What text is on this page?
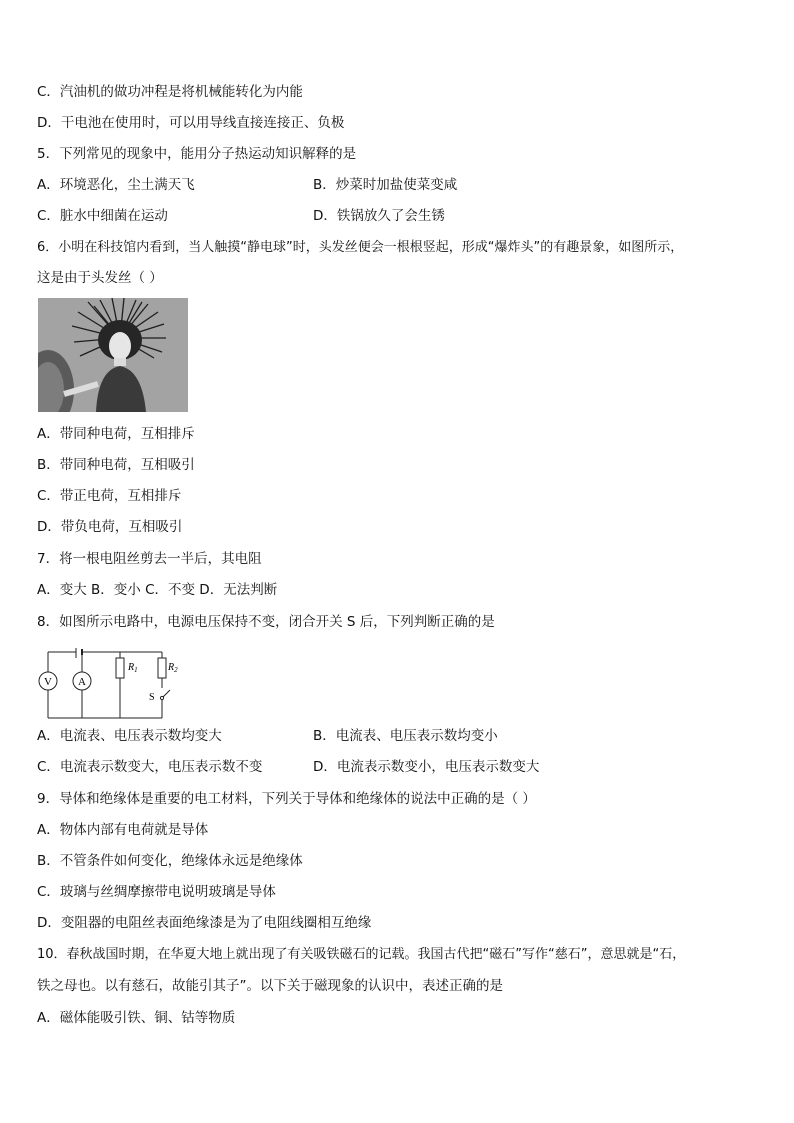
C．汽油机的做功冲程是将机械能转化为内能
D．干电池在使用时，可以用导线直接连接正、负极
5．下列常见的现象中，能用分子热运动知识解释的是
A．环境恶化，尘土满天飞	B．炒菜时加盐使菜变咸
C．脏水中细菌在运动	D．铁锅放久了会生锈
6．小明在科技馆内看到，当人触摸“静电球”时，头发丝便会一根根竖起，形成“爆炸头”的有趣景象，如图所示，
这是由于头发丝（ ）
A．带同种电荷，互相排斥
B．带同种电荷，互相吸引
C．带正电荷，互相排斥
D．带负电荷，互相吸引
7．将一根电阻丝剪去一半后，其电阻
A．变大 B．变小 C．不变 D．无法判断
8．如图所示电路中，电源电压保持不变，闭合开关 S 后，下列判断正确的是
V A
$R_1$	$R_2$
S
A．电流表、电压表示数均变大	B．电流表、电压表示数均变小
C．电流表示数变大，电压表示数不变	D．电流表示数变小，电压表示数变大
9．导体和绝缘体是重要的电工材料，下列关于导体和绝缘体的说法中正确的是（ ）
A．物体内部有电荷就是导体
B．不管条件如何变化，绝缘体永远是绝缘体
C．玻璃与丝绸摩擦带电说明玻璃是导体
D．变阻器的电阻丝表面绝缘漆是为了电阻线圈相互绝缘
10．春秋战国时期，在华夏大地上就出现了有关吸铁磁石的记载。我国古代把“磁石”写作“慈石”，意思就是“石，
铁之母也。以有慈石，故能引其子”。以下关于磁现象的认识中，表述正确的是
A．磁体能吸引铁、铜、钴等物质
